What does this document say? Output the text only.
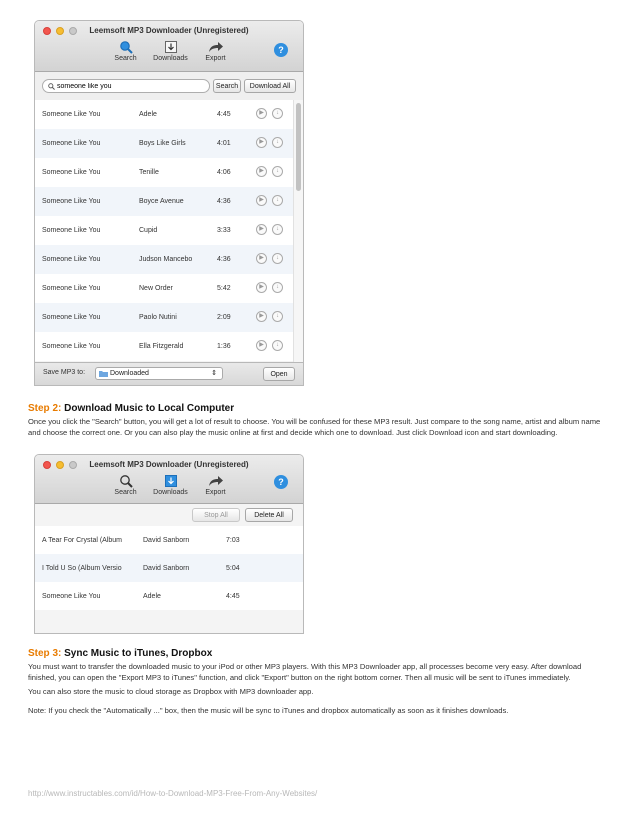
Leemsoft MP3 Downloader (Unregistered)
Search	Downloads	Export
?
someone like you
Search	Download All
Someone Like You	Adele	4:45	▶	↓
Someone Like You	Boys Like Girls	4:01	▶	↓
Someone Like You	Tenille	4:06	▶	↓
Someone Like You	Boyce Avenue	4:36	▶	↓
Someone Like You	Cupid	3:33	▶	↓
Someone Like You	Judson Mancebo	4:36	▶	↓
Someone Like You	New Order	5:42	▶	↓
Someone Like You	Paolo Nutini	2:09	▶	↓
Someone Like You	Ella Fitzgerald	1:36	▶	↓
Save MP3 to:	Downloaded	⇕	Open
Step 2: Download Music to Local Computer
Once you click the "Search" button, you will get a lot of result to choose. You will be confused for these MP3 result. Just compare to the song name, artist and album name and choose the correct one. Or you can also play the music online at first and decide which one to download. Just click Download icon and start downloading.
Leemsoft MP3 Downloader (Unregistered)
Search	Downloads	Export
?
Stop All	Delete All
A Tear For Crystal (Album	David Sanborn	7:03
I Told U So (Album Versio	David Sanborn	5:04
Someone Like You	Adele	4:45
Step 3: Sync Music to iTunes, Dropbox
You must want to transfer the downloaded music to your iPod or other MP3 players. With this MP3 Downloader app, all processes become very easy. After download finished, you can open the "Export MP3 to iTunes" function, and click "Export" button on the right bottom corner. Then all music will be sent to iTunes immediately.
You can also store the music to cloud storage as Dropbox with MP3 downloader app.
Note: If you check the "Automatically ..." box, then the music will be sync to iTunes and dropbox automatically as soon as it finishes downloads.
http://www.instructables.com/id/How-to-Download-MP3-Free-From-Any-Websites/
